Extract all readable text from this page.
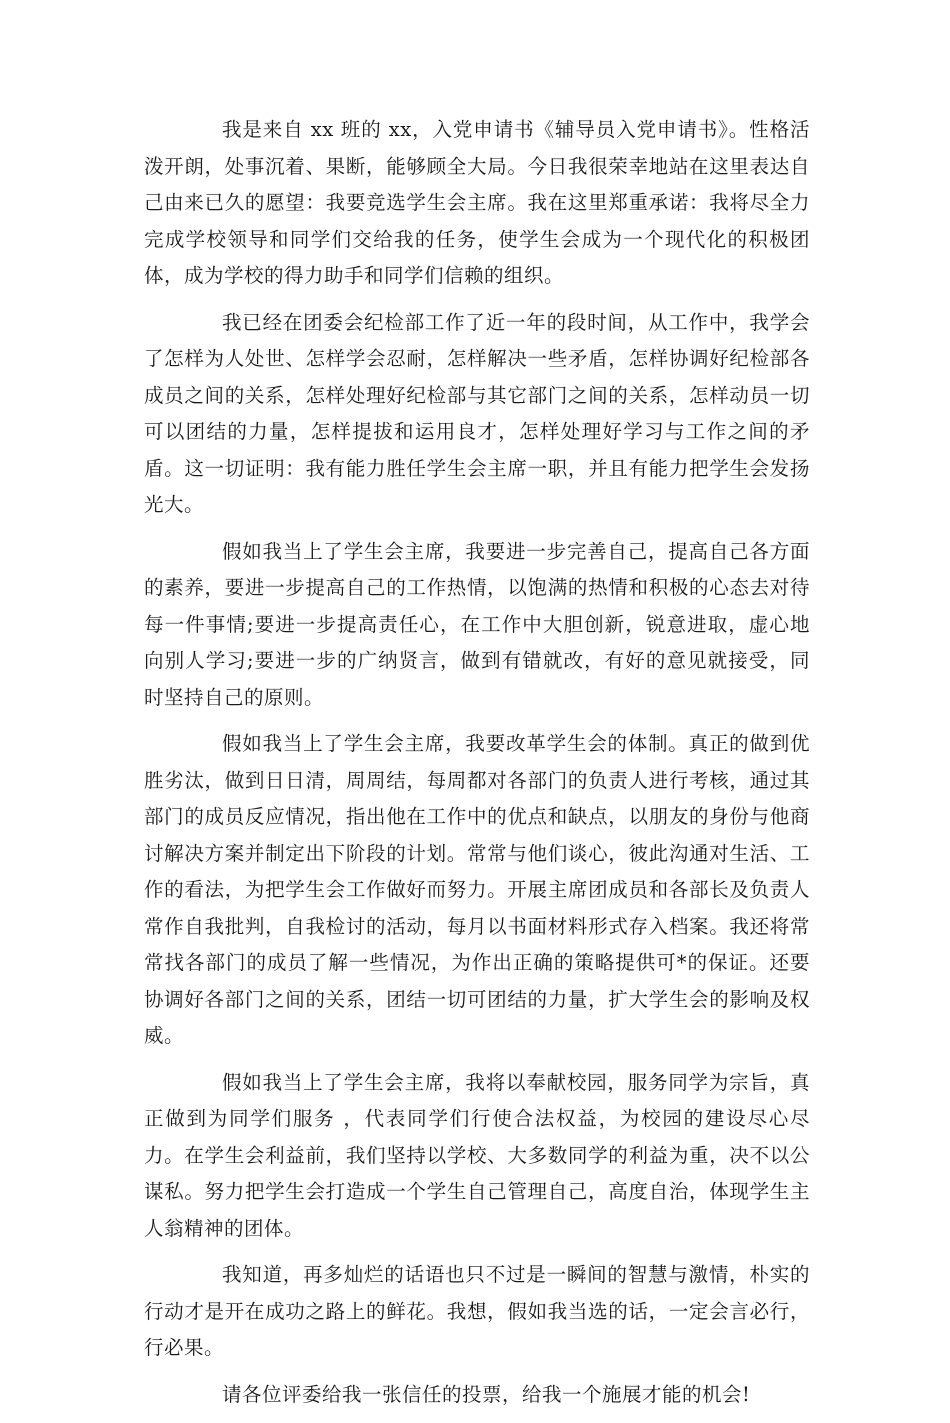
我是来自 xx 班的 xx，入党申请书《辅导员入党申请书》。性格活泼开朗，处事沉着、果断，能够顾全大局。今日我很荣幸地站在这里表达自己由来已久的愿望：我要竞选学生会主席。我在这里郑重承诺：我将尽全力完成学校领导和同学们交给我的任务，使学生会成为一个现代化的积极团体，成为学校的得力助手和同学们信赖的组织。

我已经在团委会纪检部工作了近一年的段时间，从工作中，我学会了怎样为人处世、怎样学会忍耐，怎样解决一些矛盾，怎样协调好纪检部各成员之间的关系，怎样处理好纪检部与其它部门之间的关系，怎样动员一切可以团结的力量，怎样提拔和运用良才，怎样处理好学习与工作之间的矛盾。这一切证明：我有能力胜任学生会主席一职，并且有能力把学生会发扬光大。

假如我当上了学生会主席，我要进一步完善自己，提高自己各方面的素养，要进一步提高自己的工作热情，以饱满的热情和积极的心态去对待每一件事情;要进一步提高责任心，在工作中大胆创新，锐意进取，虚心地向别人学习;要进一步的广纳贤言，做到有错就改，有好的意见就接受，同时坚持自己的原则。

假如我当上了学生会主席，我要改革学生会的体制。真正的做到优胜劣汰，做到日日清，周周结，每周都对各部门的负责人进行考核，通过其部门的成员反应情况，指出他在工作中的优点和缺点，以朋友的身份与他商讨解决方案并制定出下阶段的计划。常常与他们谈心，彼此沟通对生活、工作的看法，为把学生会工作做好而努力。开展主席团成员和各部长及负责人常作自我批判，自我检讨的活动，每月以书面材料形式存入档案。我还将常常找各部门的成员了解一些情况，为作出正确的策略提供可*的保证。还要协调好各部门之间的关系，团结一切可团结的力量，扩大学生会的影响及权威。

假如我当上了学生会主席，我将以奉献校园，服务同学为宗旨，真正做到为同学们服务 ，代表同学们行使合法权益，为校园的建设尽心尽力。在学生会利益前，我们坚持以学校、大多数同学的利益为重，决不以公谋私。努力把学生会打造成一个学生自己管理自己，高度自治，体现学生主人翁精神的团体。

我知道，再多灿烂的话语也只不过是一瞬间的智慧与激情，朴实的行动才是开在成功之路上的鲜花。我想，假如我当选的话，一定会言必行，行必果。

请各位评委给我一张信任的投票，给我一个施展才能的机会!
